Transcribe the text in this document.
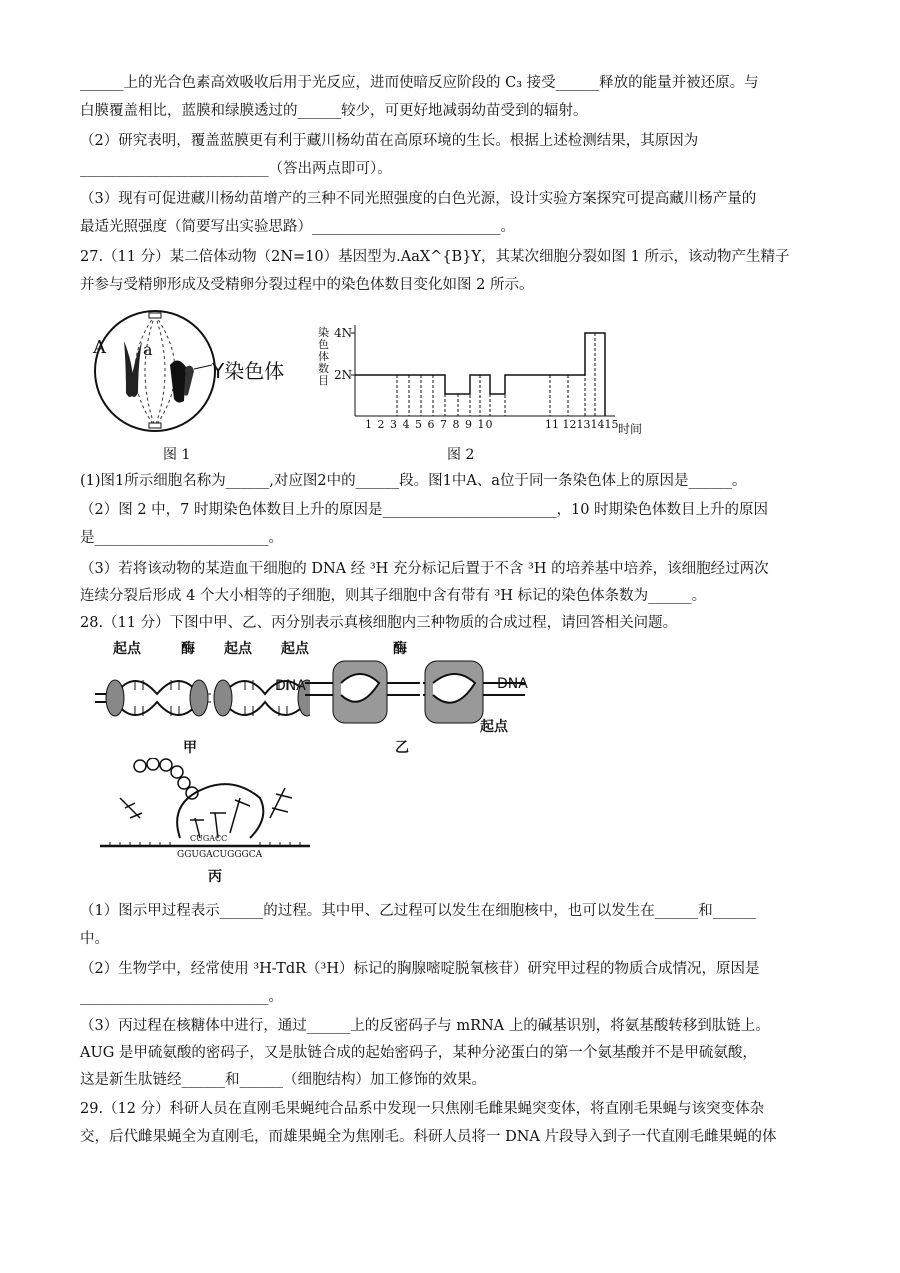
______上的光合色素高效吸收后用于光反应，进而使暗反应阶段的 C₃ 接受______释放的能量并被还原。与
白膜覆盖相比，蓝膜和绿膜透过的______较少，可更好地减弱幼苗受到的辐射。
（2）研究表明，覆盖蓝膜更有利于藏川杨幼苗在高原环境的生长。根据上述检测结果，其原因为
__________________________（答出两点即可）。
（3）现有可促进藏川杨幼苗增产的三种不同光照强度的白色光源，设计实验方案探究可提高藏川杨产量的
最适光照强度（简要写出实验思路）__________________________。
27.（11 分）某二倍体动物（2N=10）基因型为.AaX^{B}Y，其某次细胞分裂如图 1 所示，该动物产生精子
并参与受精卵形成及受精卵分裂过程中的染色体数目变化如图 2 所示。
A a
Y染色体
图 1
染色体数目
4N
2N
1 2 3 4 5 6 7 8 9 10	11 12131415 时间
图 2
(1)图1所示细胞名称为______,对应图2中的______段。图1中A、a位于同一条染色体上的原因是______。
（2）图 2 中，7 时期染色体数目上升的原因是________________________，10 时期染色体数目上升的原因
是________________________。
（3）若将该动物的某造血干细胞的 DNA 经 ³H 充分标记后置于不含 ³H 的培养基中培养，该细胞经过两次
连续分裂后形成 4 个大小相等的子细胞，则其子细胞中含有带有 ³H 标记的染色体条数为______。
28.（11 分）下图中甲、乙、丙分别表示真核细胞内三种物质的合成过程，请回答相关问题。
起点	酶 起点
DNA
甲
起点	酶
DNA
起点
乙
CUGACC
GGUGACUGGGCA
丙
（1）图示甲过程表示______的过程。其中甲、乙过程可以发生在细胞核中，也可以发生在______和______
中。
（2）生物学中，经常使用 ³H-TdR（³H）标记的胸腺嘧啶脱氧核苷）研究甲过程的物质合成情况，原因是
__________________________。
（3）丙过程在核糖体中进行，通过______上的反密码子与 mRNA 上的碱基识别，将氨基酸转移到肽链上。
AUG 是甲硫氨酸的密码子，又是肽链合成的起始密码子，某种分泌蛋白的第一个氨基酸并不是甲硫氨酸，
这是新生肽链经______和______（细胞结构）加工修饰的效果。
29.（12 分）科研人员在直刚毛果蝇纯合品系中发现一只焦刚毛雌果蝇突变体，将直刚毛果蝇与该突变体杂
交，后代雌果蝇全为直刚毛，而雄果蝇全为焦刚毛。科研人员将一 DNA 片段导入到子一代直刚毛雌果蝇的体
